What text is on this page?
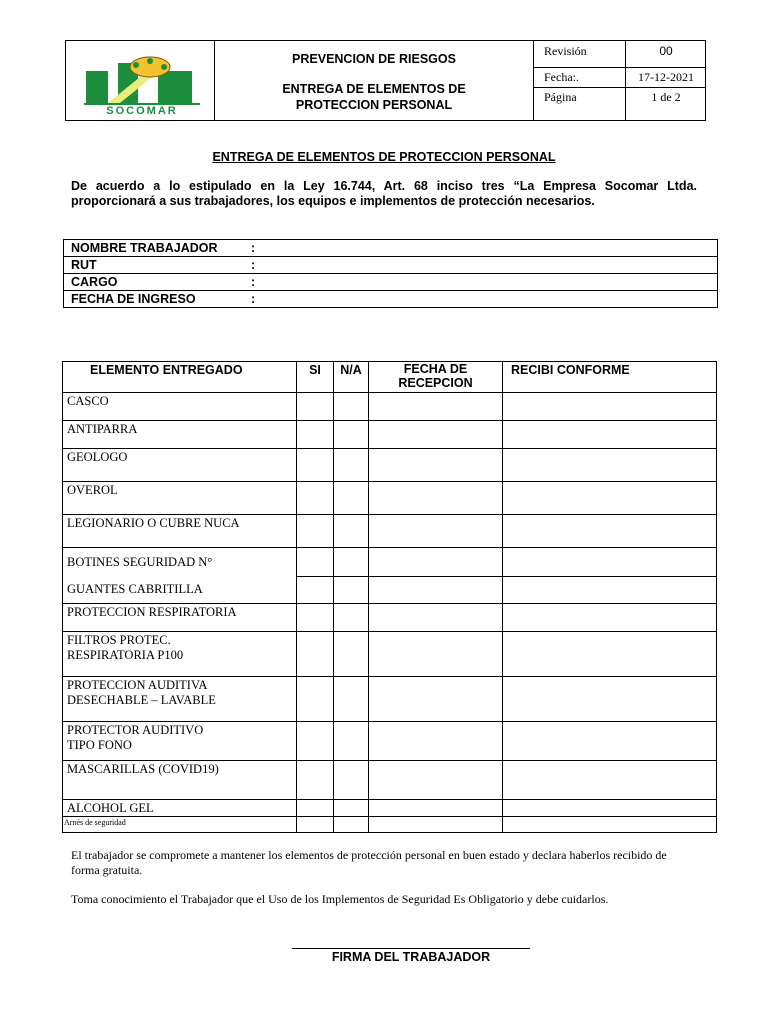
SOCOMAR
PREVENCION DE RIESGOS
ENTREGA DE ELEMENTOS DE
PROTECCION PERSONAL
Revisión	00
Fecha:.	17-12-2021
Página	1 de 2
ENTREGA DE ELEMENTOS DE PROTECCION PERSONAL
De acuerdo a lo estipulado en la Ley 16.744, Art. 68 inciso tres “La Empresa Socomar Ltda. proporcionará a sus trabajadores, los equipos e implementos de protección necesarios.
NOMBRE TRABAJADOR	:
RUT	:
CARGO	:
FECHA DE INGRESO	:
ELEMENTO ENTREGADO	SI	N/A	FECHA DE RECEPCION	RECIBI CONFORME
CASCO				
ANTIPARRA				
GEOLOGO				
OVEROL				
LEGIONARIO O CUBRE NUCA				
BOTINES SEGURIDAD N°
GUANTES CABRITILLA				

PROTECCION RESPIRATORIA				
FILTROS PROTEC. RESPIRATORIA P100				
PROTECCION AUDITIVA DESECHABLE – LAVABLE				
PROTECTOR AUDITIVO TIPO FONO				
MASCARILLAS (COVID19)				
ALCOHOL GEL				
Arnés de seguridad				
El trabajador se compromete a mantener los elementos de protección personal en buen estado y declara haberlos recibido de forma gratuita.
Toma conocimiento el Trabajador que el Uso de los Implementos de Seguridad Es Obligatorio y debe cuidarlos.
FIRMA DEL TRABAJADOR
